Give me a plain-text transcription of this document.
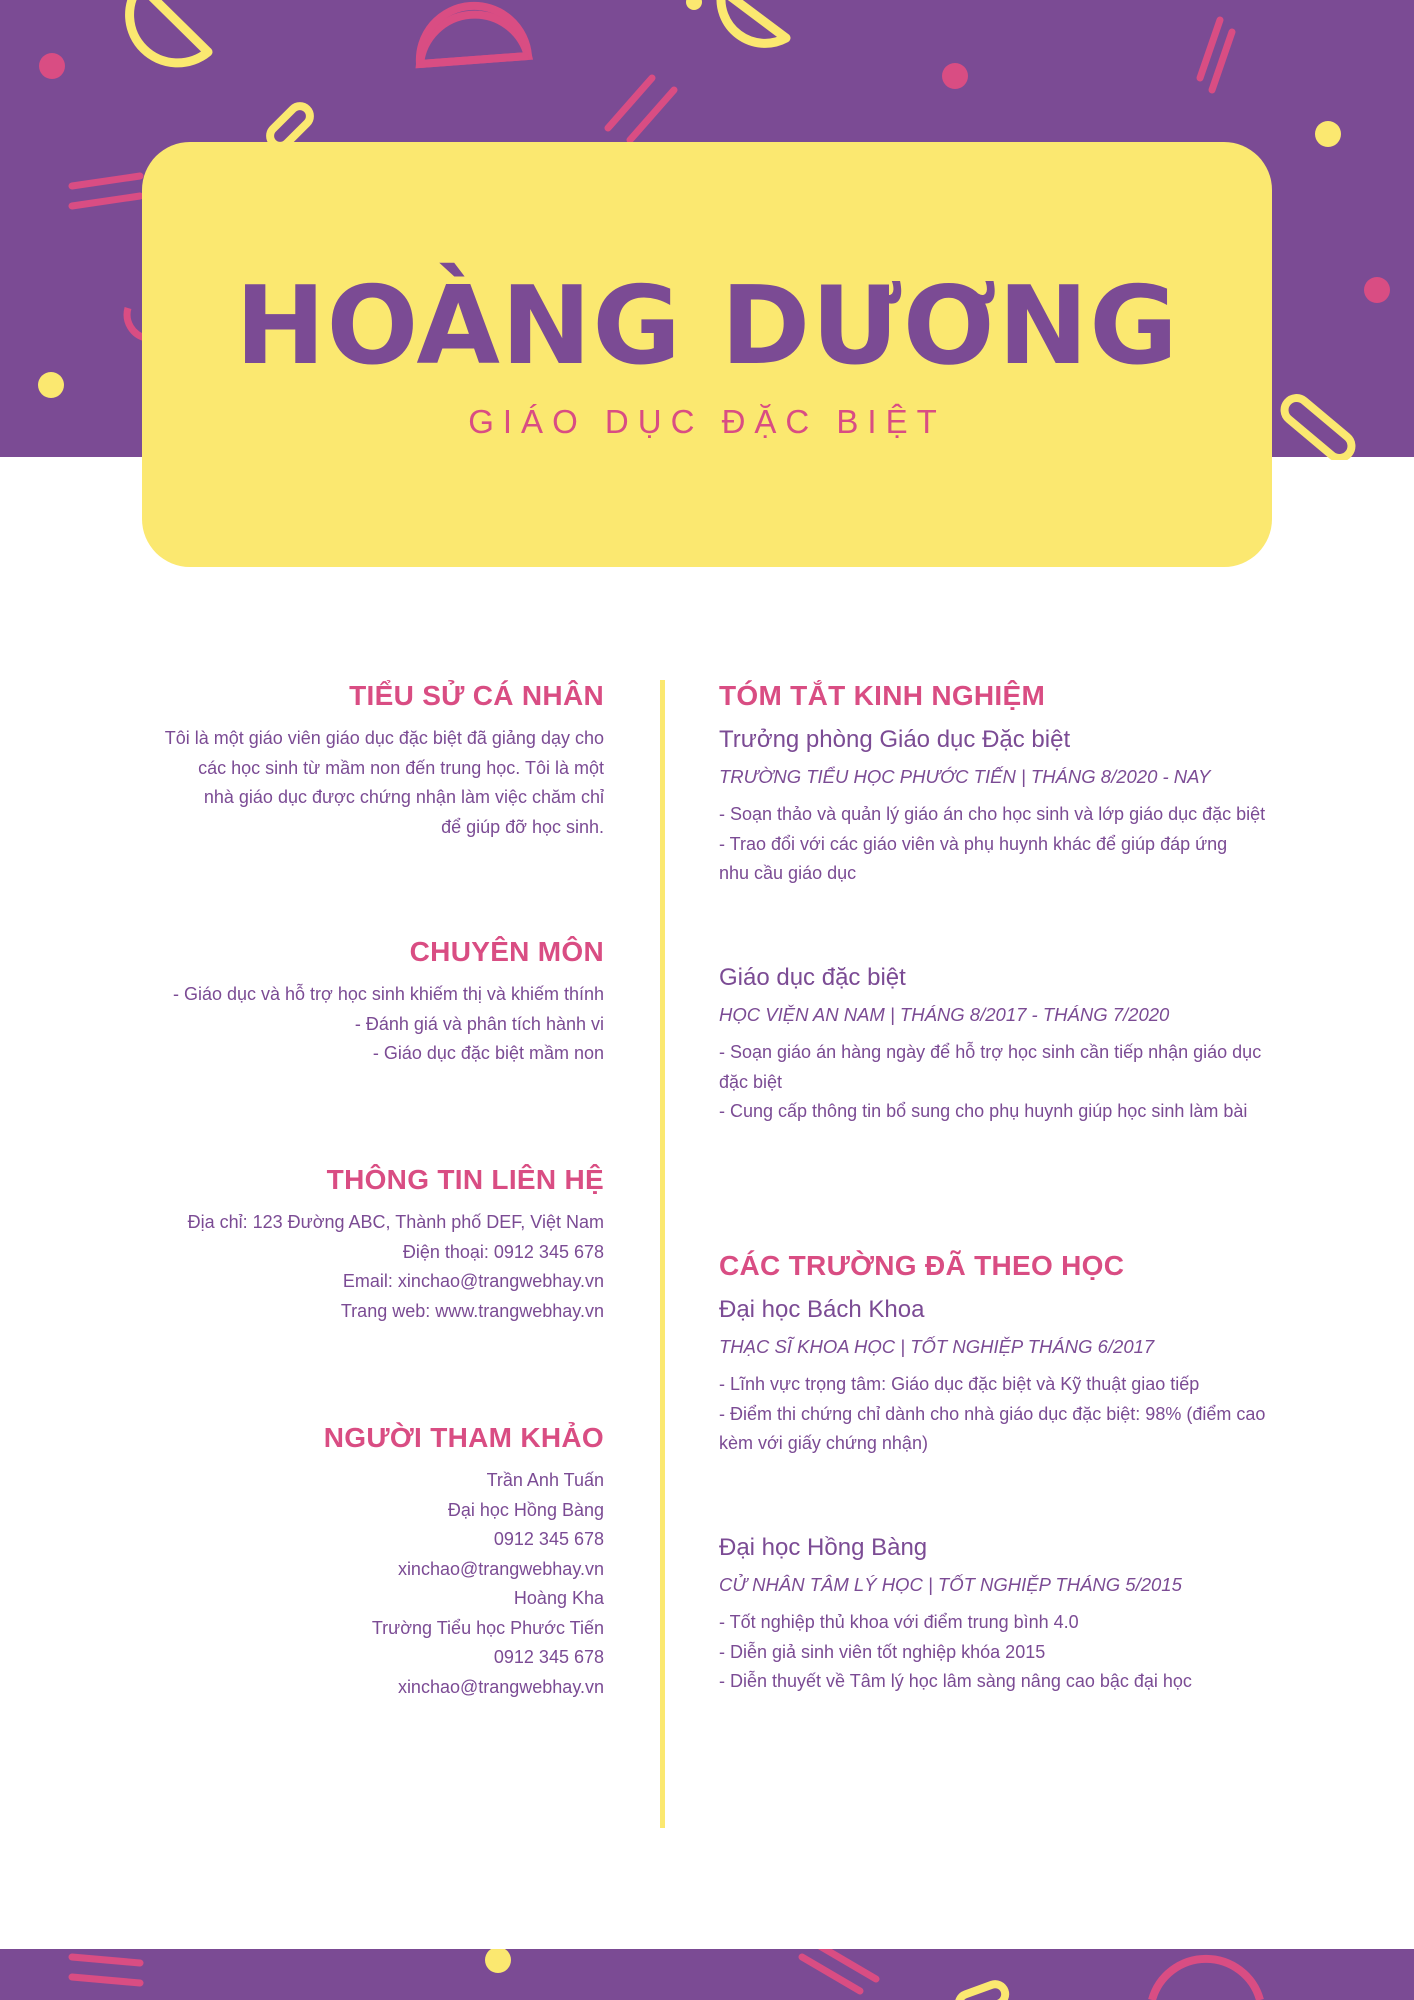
HOÀNG DƯƠNG
GIÁO DỤC ĐẶC BIỆT
TIỂU SỬ CÁ NHÂN

Tôi là một giáo viên giáo dục đặc biệt đã giảng dạy cho
các học sinh từ mầm non đến trung học. Tôi là một
nhà giáo dục được chứng nhận làm việc chăm chỉ
để giúp đỡ học sinh.

CHUYÊN MÔN

- Giáo dục và hỗ trợ học sinh khiếm thị và khiếm thính
- Đánh giá và phân tích hành vi
- Giáo dục đặc biệt mầm non

THÔNG TIN LIÊN HỆ

Địa chỉ: 123 Đường ABC, Thành phố DEF, Việt Nam
Điện thoại: 0912 345 678
Email: xinchao@trangwebhay.vn
Trang web: www.trangwebhay.vn

NGƯỜI THAM KHẢO

Trần Anh Tuấn
Đại học Hồng Bàng
0912 345 678
xinchao@trangwebhay.vn
Hoàng Kha
Trường Tiểu học Phước Tiến
0912 345 678
xinchao@trangwebhay.vn

TÓM TẮT KINH NGHIỆM
Trưởng phòng Giáo dục Đặc biệt
TRƯỜNG TIỂU HỌC PHƯỚC TIẾN | THÁNG 8/2020 - NAY

- Soạn thảo và quản lý giáo án cho học sinh và lớp giáo dục đặc biệt
- Trao đổi với các giáo viên và phụ huynh khác để giúp đáp ứng
nhu cầu giáo dục

Giáo dục đặc biệt
HỌC VIỆN AN NAM | THÁNG 8/2017 - THÁNG 7/2020

- Soạn giáo án hàng ngày để hỗ trợ học sinh cần tiếp nhận giáo dục
đặc biệt
- Cung cấp thông tin bổ sung cho phụ huynh giúp học sinh làm bài

CÁC TRƯỜNG ĐÃ THEO HỌC
Đại học Bách Khoa
THẠC SĨ KHOA HỌC | TỐT NGHIỆP THÁNG 6/2017

- Lĩnh vực trọng tâm: Giáo dục đặc biệt và Kỹ thuật giao tiếp
- Điểm thi chứng chỉ dành cho nhà giáo dục đặc biệt: 98% (điểm cao
kèm với giấy chứng nhận)

Đại học Hồng Bàng
CỬ NHÂN TÂM LÝ HỌC | TỐT NGHIỆP THÁNG 5/2015

- Tốt nghiệp thủ khoa với điểm trung bình 4.0
- Diễn giả sinh viên tốt nghiệp khóa 2015
- Diễn thuyết về Tâm lý học lâm sàng nâng cao bậc đại học
